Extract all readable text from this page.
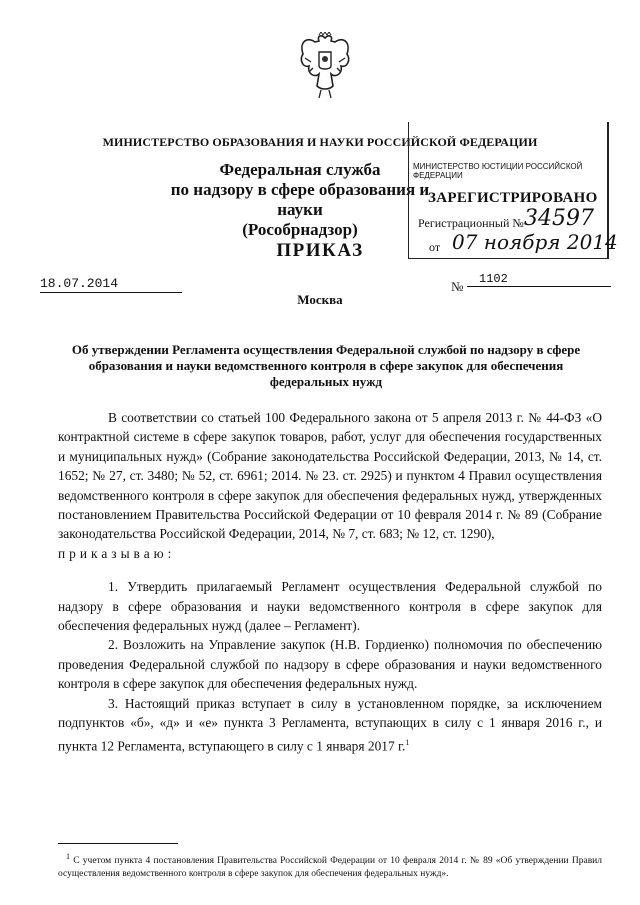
МИНИСТЕРСТВО ОБРАЗОВАНИЯ И НАУКИ РОССИЙСКОЙ ФЕДЕРАЦИИ
Федеральная служба
по надзору в сфере образования и науки
(Рособрнадзор)
МИНИСТЕРСТВО ЮСТИЦИИ РОССИЙСКОЙ ФЕДЕРАЦИИ
ЗАРЕГИСТРИРОВАНО
Регистрационный № 34597
от 07 ноября 2014
ПРИКАЗ
18.07.2014	№	1102
Москва
Об утверждении Регламента осуществления Федеральной службой по надзору в сфере образования и науки ведомственного контроля в сфере закупок для обеспечения федеральных нужд

В соответствии со статьей 100 Федерального закона от 5 апреля 2013 г. № 44-ФЗ «О контрактной системе в сфере закупок товаров, работ, услуг для обеспечения государственных и муниципальных нужд» (Собрание законодательства Российской Федерации, 2013, № 14, ст. 1652; № 27, ст. 3480; № 52, ст. 6961; 2014. № 23. ст. 2925) и пунктом 4 Правил осуществления ведомственного контроля в сфере закупок для обеспечения федеральных нужд, утвержденных постановлением Правительства Российской Федерации от 10 февраля 2014 г. № 89 (Собрание законодательства Российской Федерации, 2014, № 7, ст. 683; № 12, ст. 1290),

приказываю:

1. Утвердить прилагаемый Регламент осуществления Федеральной службой по надзору в сфере образования и науки ведомственного контроля в сфере закупок для обеспечения федеральных нужд (далее – Регламент).

2. Возложить на Управление закупок (Н.В. Гордиенко) полномочия по обеспечению проведения Федеральной службой по надзору в сфере образования и науки ведомственного контроля в сфере закупок для обеспечения федеральных нужд.

3. Настоящий приказ вступает в силу в установленном порядке, за исключением подпунктов «б», «д» и «е» пункта 3 Регламента, вступающих в силу с 1 января 2016 г., и пункта 12 Регламента, вступающего в силу с 1 января 2017 г.$^1$

$^1$ С учетом пункта 4 постановления Правительства Российской Федерации от 10 февраля 2014 г. № 89 «Об утверждении Правил осуществления ведомственного контроля в сфере закупок для обеспечения федеральных нужд».
